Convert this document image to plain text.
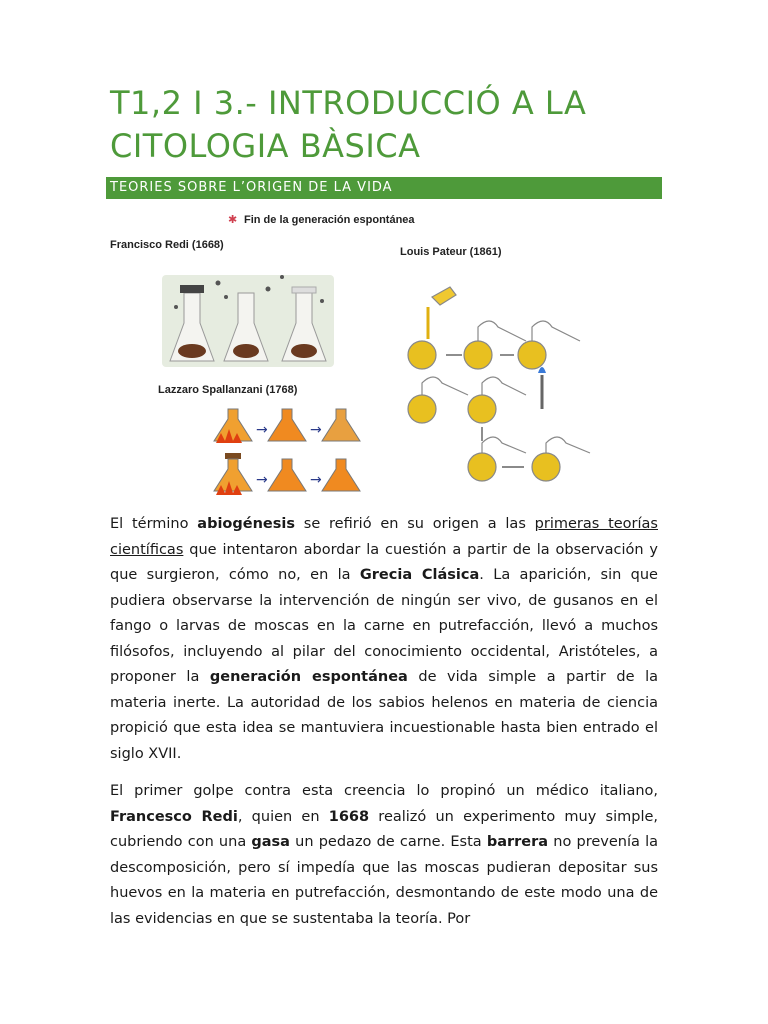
T1,2 I 3.- INTRODUCCIÓ A LA CITOLOGIA BÀSICA
TEORIES SOBRE L’ORIGEN DE LA VIDA
✱ Fin de la generación espontánea
Francisco Redi (1668)
Lazzaro Spallanzani (1768)
→	→
→	→
Louis Pateur (1861)

El término abiogénesis se refirió en su origen a las primeras teorías científicas que intentaron abordar la cuestión a partir de la observación y que surgieron, cómo no, en la Grecia Clásica. La aparición, sin que pudiera observarse la intervención de ningún ser vivo, de gusanos en el fango o larvas de moscas en la carne en putrefacción, llevó a muchos filósofos, incluyendo al pilar del conocimiento occidental, Aristóteles, a proponer la generación espontánea de vida simple a partir de la materia inerte. La autoridad de los sabios helenos en materia de ciencia propició que esta idea se mantuviera incuestionable hasta bien entrado el siglo XVII.

El primer golpe contra esta creencia lo propinó un médico italiano, Francesco Redi, quien en 1668 realizó un experimento muy simple, cubriendo con una gasa un pedazo de carne. Esta barrera no prevenía la descomposición, pero sí impedía que las moscas pudieran depositar sus huevos en la materia en putrefacción, desmontando de este modo una de las evidencias en que se sustentaba la teoría. Por
